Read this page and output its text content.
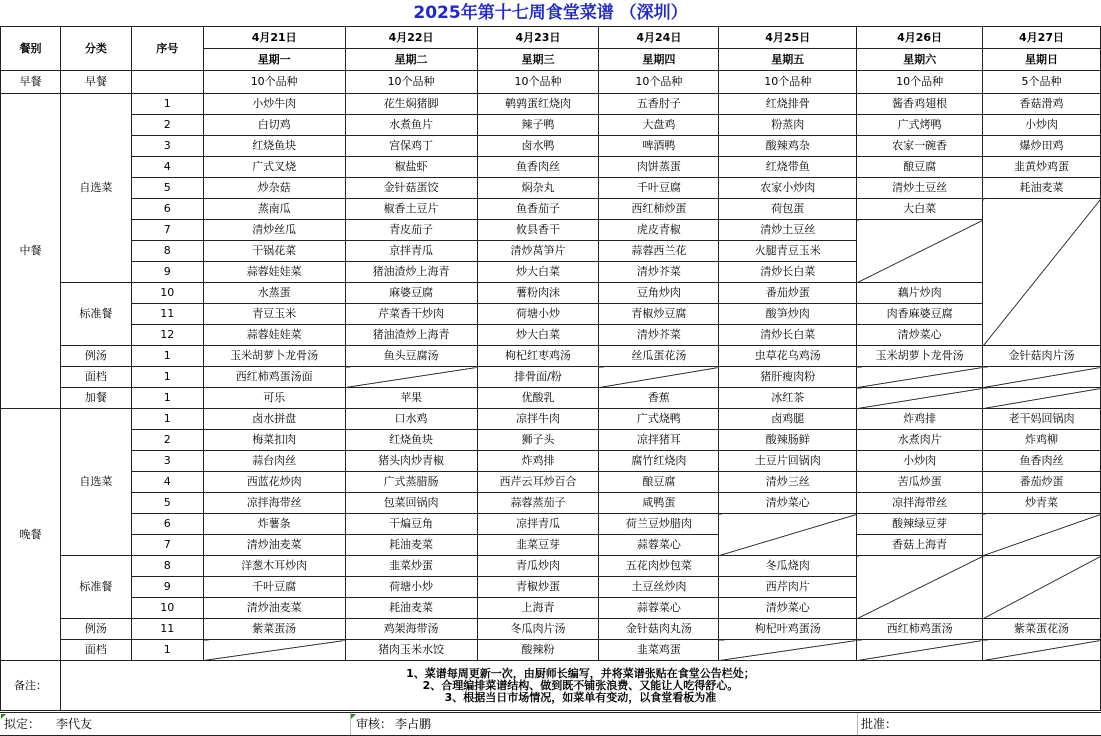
2025年第十七周食堂菜谱 （深圳）
餐别	分类	序号	4月21日	4月22日	4月23日	4月24日	4月25日	4月26日	4月27日
			星期一	星期二	星期三	星期四	星期五	星期六	星期日
早餐	早餐		10个品种	10个品种	10个品种	10个品种	10个品种	10个品种	5个品种
中餐	自选菜	1	小炒牛肉	花生焖猪脚	鹌鹑蛋红烧肉	五香肘子	红烧排骨	酱香鸡翅根	香菇滑鸡
		2	白切鸡	水煮鱼片	辣子鸭	大盘鸡	粉蒸肉	广式烤鸭	小炒肉
		3	红烧鱼块	宫保鸡丁	卤水鸭	啤酒鸭	酸辣鸡杂	农家一碗香	爆炒田鸡
		4	广式叉烧	椒盐虾	鱼香肉丝	肉饼蒸蛋	红烧带鱼	酿豆腐	韭黄炒鸡蛋
		5	炒杂菇	金针菇蛋饺	焖杂丸	千叶豆腐	农家小炒肉	清炒土豆丝	耗油麦菜
		6	蒸南瓜	椒香土豆片	鱼香茄子	西红柿炒蛋	荷包蛋	大白菜	
		7	清炒丝瓜	青皮茄子	攸县香干	虎皮青椒	清炒土豆丝		
		8	干锅花菜	京拌青瓜	清炒莴笋片	蒜蓉西兰花	火腿青豆玉米		
		9	蒜蓉娃娃菜	猪油渣炒上海青	炒大白菜	清炒芥菜	清炒长白菜		
	标准餐	10	水蒸蛋	麻婆豆腐	薯粉肉沫	豆角炒肉	番茄炒蛋	藕片炒肉	
		11	青豆玉米	芹菜香干炒肉	荷塘小炒	青椒炒豆腐	酸笋炒肉	肉香麻婆豆腐	
		12	蒜蓉娃娃菜	猪油渣炒上海青	炒大白菜	清炒芥菜	清炒长白菜	清炒菜心	
	例汤	1	玉米胡萝卜龙骨汤	鱼头豆腐汤	枸杞红枣鸡汤	丝瓜蛋花汤	虫草花乌鸡汤	玉米胡萝卜龙骨汤	金针菇肉片汤
	面档	1	西红柿鸡蛋汤面		排骨面/粉		猪肝瘦肉粉		
	加餐	1	可乐	苹果	优酸乳	香蕉	冰红茶		
晚餐	自选菜	1	卤水拼盘	口水鸡	凉拌牛肉	广式烧鸭	卤鸡腿	炸鸡排	老干妈回锅肉
		2	梅菜扣肉	红烧鱼块	狮子头	凉拌猪耳	酸辣肠鲜	水煮肉片	炸鸡柳
		3	蒜台肉丝	猪头肉炒青椒	炸鸡排	腐竹红烧肉	土豆片回锅肉	小炒肉	鱼香肉丝
		4	西蓝花炒肉	广式蒸腊肠	西芹云耳炒百合	酿豆腐	清炒三丝	苦瓜炒蛋	番茄炒蛋
		5	凉拌海带丝	包菜回锅肉	蒜蓉蒸茄子	咸鸭蛋	清炒菜心	凉拌海带丝	炒青菜
		6	炸薯条	干煸豆角	凉拌青瓜	荷兰豆炒腊肉		酸辣绿豆芽	
		7	清炒油麦菜	耗油麦菜	韭菜豆芽	蒜蓉菜心		香菇上海青	
	标准餐	8	洋葱木耳炒肉	韭菜炒蛋	青瓜炒肉	五花肉炒包菜	冬瓜烧肉		
		9	千叶豆腐	荷塘小炒	青椒炒蛋	土豆丝炒肉	西芹肉片		
		10	清炒油麦菜	耗油麦菜	上海青	蒜蓉菜心	清炒菜心		
	例汤	11	紫菜蛋汤	鸡架海带汤	冬瓜肉片汤	金针菇肉丸汤	枸杞叶鸡蛋汤	西红柿鸡蛋汤	紫菜蛋花汤
	面档	1		猪肉玉米水饺	酸辣粉	韭菜鸡蛋			
备注：	1、菜谱每周更新一次，由厨师长编写，并将菜谱张贴在食堂公告栏处；
2、合理编排菜谱结构、做到既不铺张浪费、又能让人吃得舒心。
3、根据当日市场情况，如菜单有变动，以食堂看板为准								
拟定： 李代友	审核： 李占鹏	批准：
